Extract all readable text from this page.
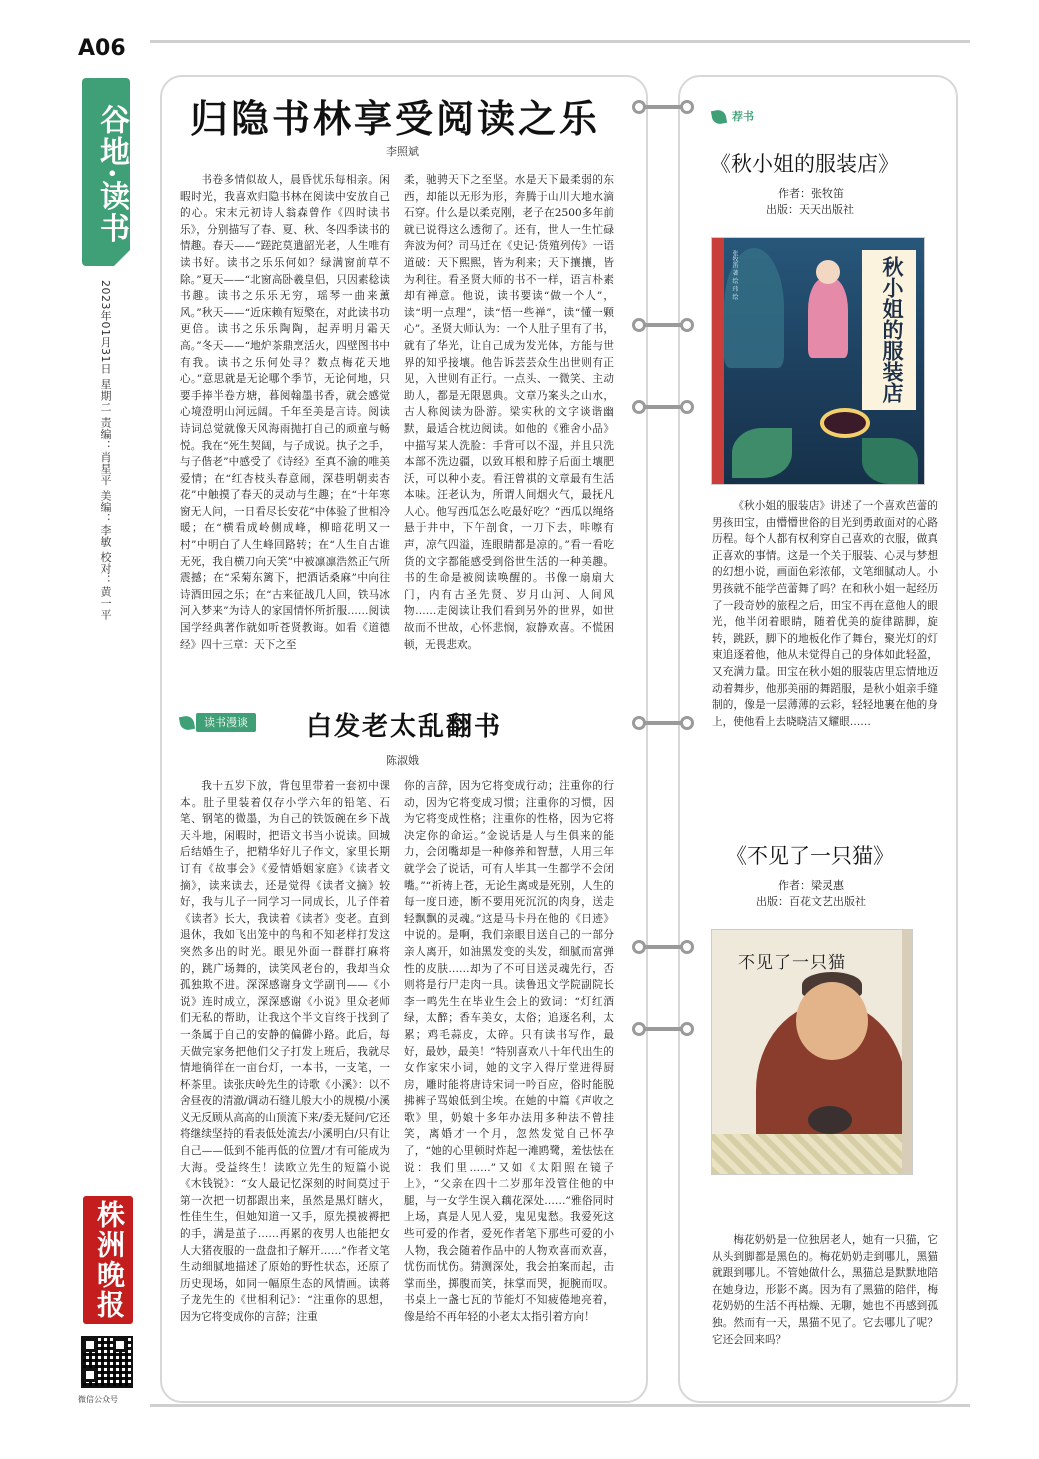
A06
谷地·读书
2023年01月31日 星期二 责编：肖星平 美编：李敏 校对：黄一平
株洲晚报
微信公众号
归隐书林享受阅读之乐
李照斌

书卷多情似故人，晨昏忧乐每相亲。闲暇时光，我喜欢归隐书林在阅读中安放自己的心。宋末元初诗人翁森曾作《四时读书乐》，分别描写了春、夏、秋、冬四季读书的情趣。春天——“蹉跎莫遣韶光老，人生唯有读书好。读书之乐乐何如？绿满窗前草不除。”夏天——“北窗高卧羲皇侣，只因素稔读书趣。读书之乐乐无穷，瑶琴一曲来薰风。”秋天——“近床赖有短檠在，对此读书功更倍。读书之乐乐陶陶，起弄明月霜天高。”冬天——“地炉茶鼎烹活火，四壁图书中有我。读书之乐何处寻？数点梅花天地心。”意思就是无论哪个季节，无论何地，只要手捧半卷方塘，暮阅翰墨书香，就会感觉心境澄明山河远阔。千年至美是言诗。阅读诗词总觉就像天风海雨抛打自己的顽童与畅悦。我在“死生契阔，与子成说。执子之手，与子偕老”中感受了《诗经》至真不渝的唯美爱情；在“红杏枝头春意闹，深巷明朝卖杏花”中触摸了春天的灵动与生趣；在“十年寒窗无人问，一日看尽长安花”中体验了世相冷暖；在“横看成岭侧成峰，柳暗花明又一村”中明白了人生峰回路转；在“人生自古谁无死，我自横刀向天笑”中被凛凛浩然正气所震撼；在“采菊东篱下，把酒话桑麻”中向往诗酒田园之乐；在“古来征战几人回，铁马冰河入梦来”为诗人的家国情怀所折服……阅读国学经典著作就如听苍贤教诲。如看《道德经》四十三章：天下之至

柔，驰骋天下之至坚。水是天下最柔弱的东西，却能以无形为形，奔腾于山川大地水滴石穿。什么是以柔克刚，老子在2500多年前就已说得这么透彻了。还有，世人一生忙碌奔波为何？司马迁在《史记·货殖列传》一语道破：天下熙熙，皆为利来；天下攘攘，皆为利往。看圣贤大师的书不一样，语言朴素却有禅意。他说，读书要读“做一个人”，读“明一点理”，读“悟一些禅”，读“懂一颗心”。圣贤大师认为：一个人肚子里有了书，就有了华光，让自己成为发光体，方能与世界的知乎接壤。他告诉芸芸众生出世则有正见，入世则有正行。一点头、一微笑、主动助人，都是无限恩典。文章乃案头之山水，古人称阅读为卧游。梁实秋的文字谈谐幽默，最适合枕边阅读。如他的《雅舍小品》中描写某人洗脸：手背可以不湿，并且只洗本部不洗边疆，以致耳根和脖子后面土壤肥沃，可以种小麦。看汪曾祺的文章最有生活本味。汪老认为，所谓人间烟火气，最抚凡人心。他写西瓜怎么吃最好吃？“西瓜以绳络悬于井中，下午剖食，一刀下去，咔嚓有声，凉气四溢，连眼睛都是凉的。”看一看吃货的文字都能感受到俗世生活的一种美趣。书的生命是被阅读唤醒的。书像一扇扇大门，内有古圣先贤、岁月山河、人间风物……走阅读让我们看到另外的世界，如世故而不世故，心怀悲悯，寂静欢喜。不慌困顿，无畏悲欢。

读书漫谈	白发老太乱翻书
陈淑娥

我十五岁下放，背包里带着一套初中课本。肚子里装着仅存小学六年的铅笔、石笔、钢笔的微墨，为自己的铁饭碗在乡下战天斗地，闲暇时，把语文书当小说读。回城后结婚生子，把精华好儿子作文，家里长期订有《故事会》《爱情婚姻家庭》《读者文摘》，读来读去，还是觉得《读者文摘》较好，我与儿子一同学习一同成长，儿子伴着《读者》长大，我读着《读者》变老。直到退休，我如飞出笼中的鸟和不知老样打发这突然多出的时光。眼见外面一群群打麻将的，跳广场舞的，读笑风老台的，我却当众孤独欺不进。深深感谢身文学副刊——《小说》连时成立，深深感谢《小说》里众老师们无私的帮助，让我这个半文盲终于找到了一条属于自己的安静的偏僻小路。此后，每天做完家务把他们父子打发上班后，我就尽情地徜徉在一亩台灯，一本书，一支笔，一杯茶里。读张庆岭先生的诗歌《小溪》：以不舍昼夜的清澈/调动石缝儿般大小的规模/小溪义无反顾从高高的山顶流下来/委无疑问/它还将继续坚持的看表低处流去/小溪明白/只有让自己——低到不能再低的位置/才有可能成为大海。受益终生！读欧立先生的短篇小说《木钱锐》：“女人最记忆深刻的时间莫过于第一次把一切都跟出来，虽然是黑灯瞎火，性佳生生，但她知道一又手，原先摸被褥把的手，满是茧子……再累的夜男人也能把女人大猪夜服的一盘盘扣子解开……”作者文笔生动细腻地描述了原始的野性状态，还原了历史现场，如同一幅原生态的风情画。读蒋子龙先生的《世相利记》：“注重你的思想，因为它将变成你的言辞；注重

你的言辞，因为它将变成行动；注重你的行动，因为它将变成习惯；注重你的习惯，因为它将变成性格；注重你的性格，因为它将决定你的命运。”金说话是人与生俱来的能力，会闭嘴却是一种修养和智慧，人用三年就学会了说话，可有人毕其一生都学不会闭嘴。”“祈祷上苍，无论生离或是死别，人生的每一度日迹，断不要用死沉沉的肉身，送走轻飘飘的灵魂。”这是马卡丹在他的《日迹》中说的。是啊，我们亲眼目送自己的一部分亲人离开，如油黑发变的头发，细腻而富弹性的皮肤……却为了不可目送灵魂先行，否则将是行尸走肉一具。读鲁迅文学院副院长李一鸣先生在毕业生会上的致词：“灯红酒绿，太醉；香车美女，太俗；追逐名利，太累；鸡毛蒜皮，太碎。只有读书写作，最好，最妙，最美！”特别喜欢八十年代出生的女作家宋小词，她的文字入得厅堂进得厨房，雕时能将唐诗宋词一吟百应，俗时能脱拂裤子骂娘低到尘埃。在她的中篇《声收之歌》里，奶娘十多年办法用多种法不曾挂笑，离婚才一个月，忽然发觉自己怀孕了，“她的心里顿时炸起一滩鸥鹭，羞怯怯在说：我们里……”又如《太阳照在镜子上》，“父亲在四十二岁那年没管住他的中腿，与一女学生误入藕花深处……”雅俗同时上场，真是人见人爱，鬼见鬼愁。我爱死这些可爱的作者，爱死作者笔下那些可爱的小人物，我会随着作品中的人物欢喜而欢喜，忧伤而忧伤。猜测深处，我会拍案而起，击掌而坐，掷腹而笑，抹掌而哭，扼腕而叹。书桌上一盏七瓦的节能灯不知疲倦地亮着，像是给不再年轻的小老太太指引着方向！

荐书
《秋小姐的服装店》
作者：张牧笛
出版：天天出版社
张牧笛 著 绘 玮 绘	秋小姐的服装店

《秋小姐的服装店》讲述了一个喜欢芭蕾的男孩田宝，由懵懵世俗的目光到勇敢面对的心路历程。每个人都有权利穿自己喜欢的衣服，做真正喜欢的事情。这是一个关于服装、心灵与梦想的幻想小说，画面色彩浓郁，文笔细腻动人。小男孩就不能学芭蕾舞了吗？在和秋小姐一起经历了一段奇妙的旅程之后，田宝不再在意他人的眼光，他半闭着眼睛，随着优美的旋律踮脚，旋转，跳跃，脚下的地板化作了舞台，聚光灯的灯束追逐着他，他从未觉得自己的身体如此轻盈，又充满力量。田宝在秋小姐的服装店里忘情地迈动着舞步，他那美丽的舞蹈服，是秋小姐亲手缝制的，像是一层薄薄的云彩，轻轻地裹在他的身上，使他看上去晓晓洁又耀眼……

《不见了一只猫》
作者：梁灵惠
出版：百花文艺出版社
不见了一只猫

梅花奶奶是一位独居老人，她有一只猫，它从头到脚都是黑色的。梅花奶奶走到哪儿，黑猫就跟到哪儿。不管她做什么，黑猫总是默默地陪在她身边，形影不离。因为有了黑猫的陪伴，梅花奶奶的生活不再枯燥、无聊，她也不再感到孤独。然而有一天，黑猫不见了。它去哪儿了呢？它还会回来吗？
